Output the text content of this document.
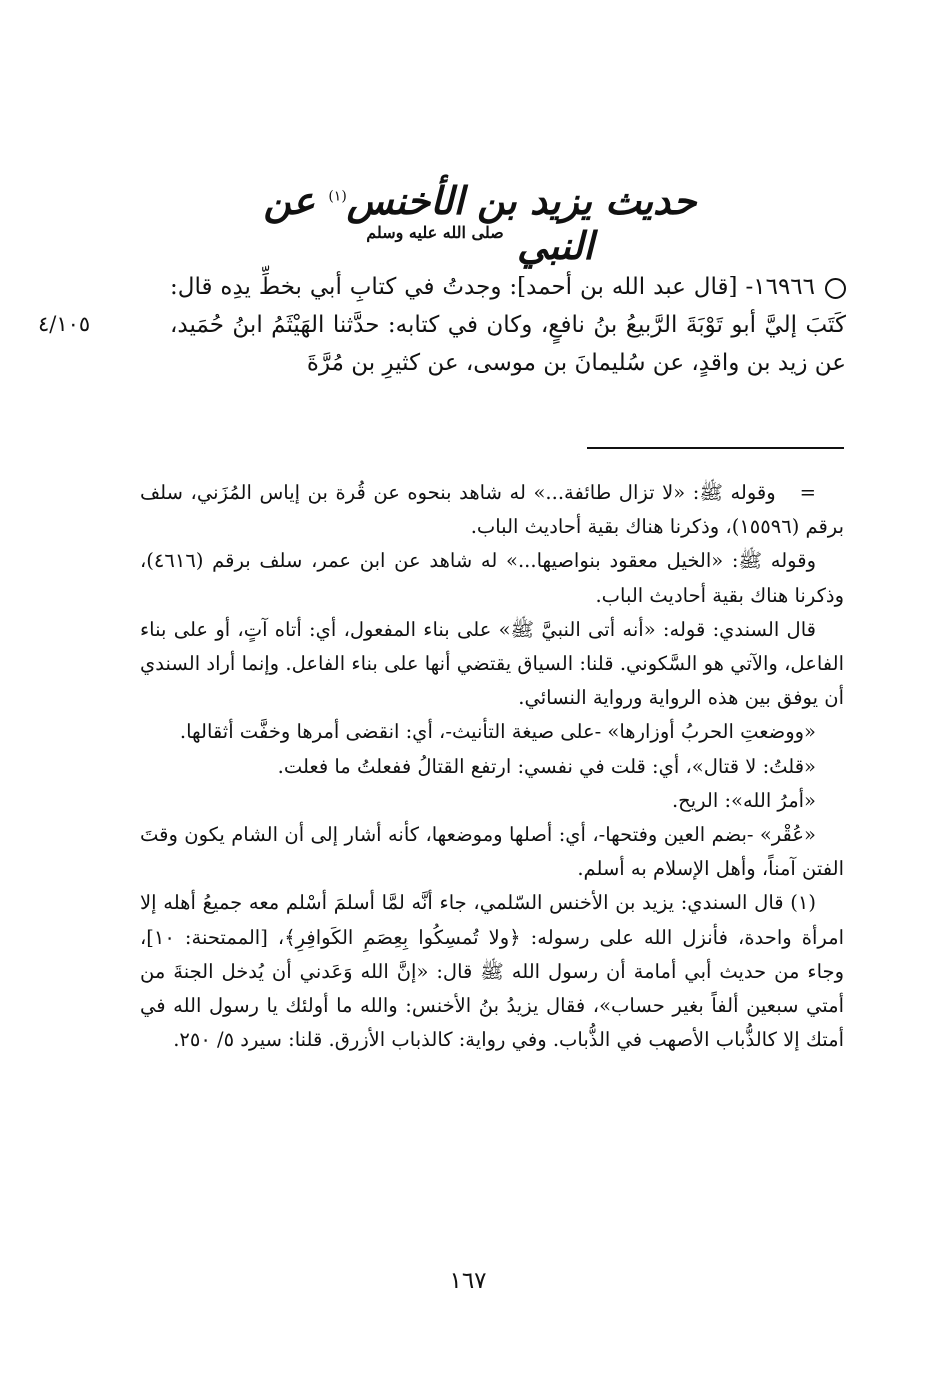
حديث يزيد بن الأخنس$^{(١)}$ عن النبي $^{صلى الله عليه وسلم}$
٤/١٠٥

١٦٩٦٦- [قال عبد الله بن أحمد]: وجدتُ في كتابِ أبي بخطِّ يدِه قال: كَتَبَ إليَّ أبو تَوْبَةَ الرَّبيعُ بنُ نافعٍ، وكان في كتابه: حدَّثنا الهَيْثَمُ ابنُ حُمَيد، عن زيد بن واقدٍ، عن سُليمانَ بن موسى، عن كثيرِ بن مُرَّةَ

=وقوله ﷺ: «لا تزال طائفة...» له شاهد بنحوه عن قُرة بن إياس المُزَني، سلف برقم (١٥٥٩٦)، وذكرنا هناك بقية أحاديث الباب.

وقوله ﷺ: «الخيل معقود بنواصيها...» له شاهد عن ابن عمر، سلف برقم (٤٦١٦)، وذكرنا هناك بقية أحاديث الباب.

قال السندي: قوله: «أنه أتى النبيَّ ﷺ» على بناء المفعول، أي: أتاه آتٍ، أو على بناء الفاعل، والآتي هو السَّكوني. قلنا: السياق يقتضي أنها على بناء الفاعل. وإنما أراد السندي أن يوفق بين هذه الرواية ورواية النسائي.

«ووضعتِ الحربُ أوزارها» -على صيغة التأنيث-، أي: انقضى أمرها وخفَّت أثقالها.

«قلتُ: لا قتال»، أي: قلت في نفسي: ارتفع القتالُ ففعلتُ ما فعلت.

«أمرُ الله»: الريح.

«عُقْر» -بضم العين وفتحها-، أي: أصلها وموضعها، كأنه أشار إلى أن الشام يكون وقتَ الفتن آمناً، وأهل الإسلام به أسلم.

(١) قال السندي: يزيد بن الأخنس السّلمي، جاء أنَّه لمَّا أسلمَ أسْلم معه جميعُ أهله إلا امرأة واحدة، فأنزل الله على رسوله: ﴿ولا تُمسِكُوا بِعِصَمِ الكَوافِرِ﴾، [الممتحنة: ١٠]، وجاء من حديث أبي أمامة أن رسول الله ﷺ قال: «إنَّ الله وَعَدني أن يُدخل الجنةَ من أمتي سبعين ألفاً بغير حساب»، فقال يزيدُ بنُ الأخنس: والله ما أولئك يا رسول الله في أمتك إلا كالذُّباب الأصهب في الذُّباب. وفي رواية: كالذباب الأزرق. قلنا: سيرد ٥/ ٢٥٠.

١٦٧
